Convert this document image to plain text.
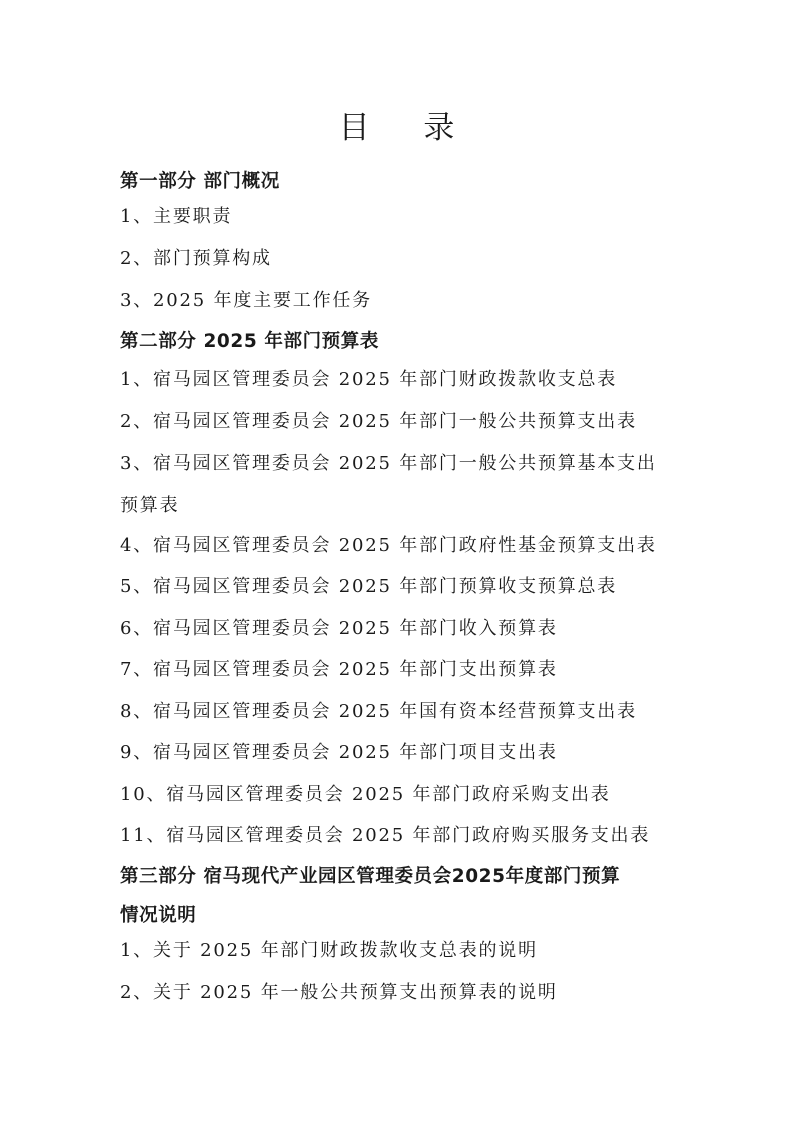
目 录
第一部分 部门概况
1、主要职责
2、部门预算构成
3、2025 年度主要工作任务
第二部分 2025 年部门预算表
1、宿马园区管理委员会 2025 年部门财政拨款收支总表
2、宿马园区管理委员会 2025 年部门一般公共预算支出表
3、宿马园区管理委员会 2025 年部门一般公共预算基本支出
预算表
4、宿马园区管理委员会 2025 年部门政府性基金预算支出表
5、宿马园区管理委员会 2025 年部门预算收支预算总表
6、宿马园区管理委员会 2025 年部门收入预算表
7、宿马园区管理委员会 2025 年部门支出预算表
8、宿马园区管理委员会 2025 年国有资本经营预算支出表
9、宿马园区管理委员会 2025 年部门项目支出表
10、宿马园区管理委员会 2025 年部门政府采购支出表
11、宿马园区管理委员会 2025 年部门政府购买服务支出表
第三部分 宿马现代产业园区管理委员会2025年度部门预算
情况说明
1、关于 2025 年部门财政拨款收支总表的说明
2、关于 2025 年一般公共预算支出预算表的说明
